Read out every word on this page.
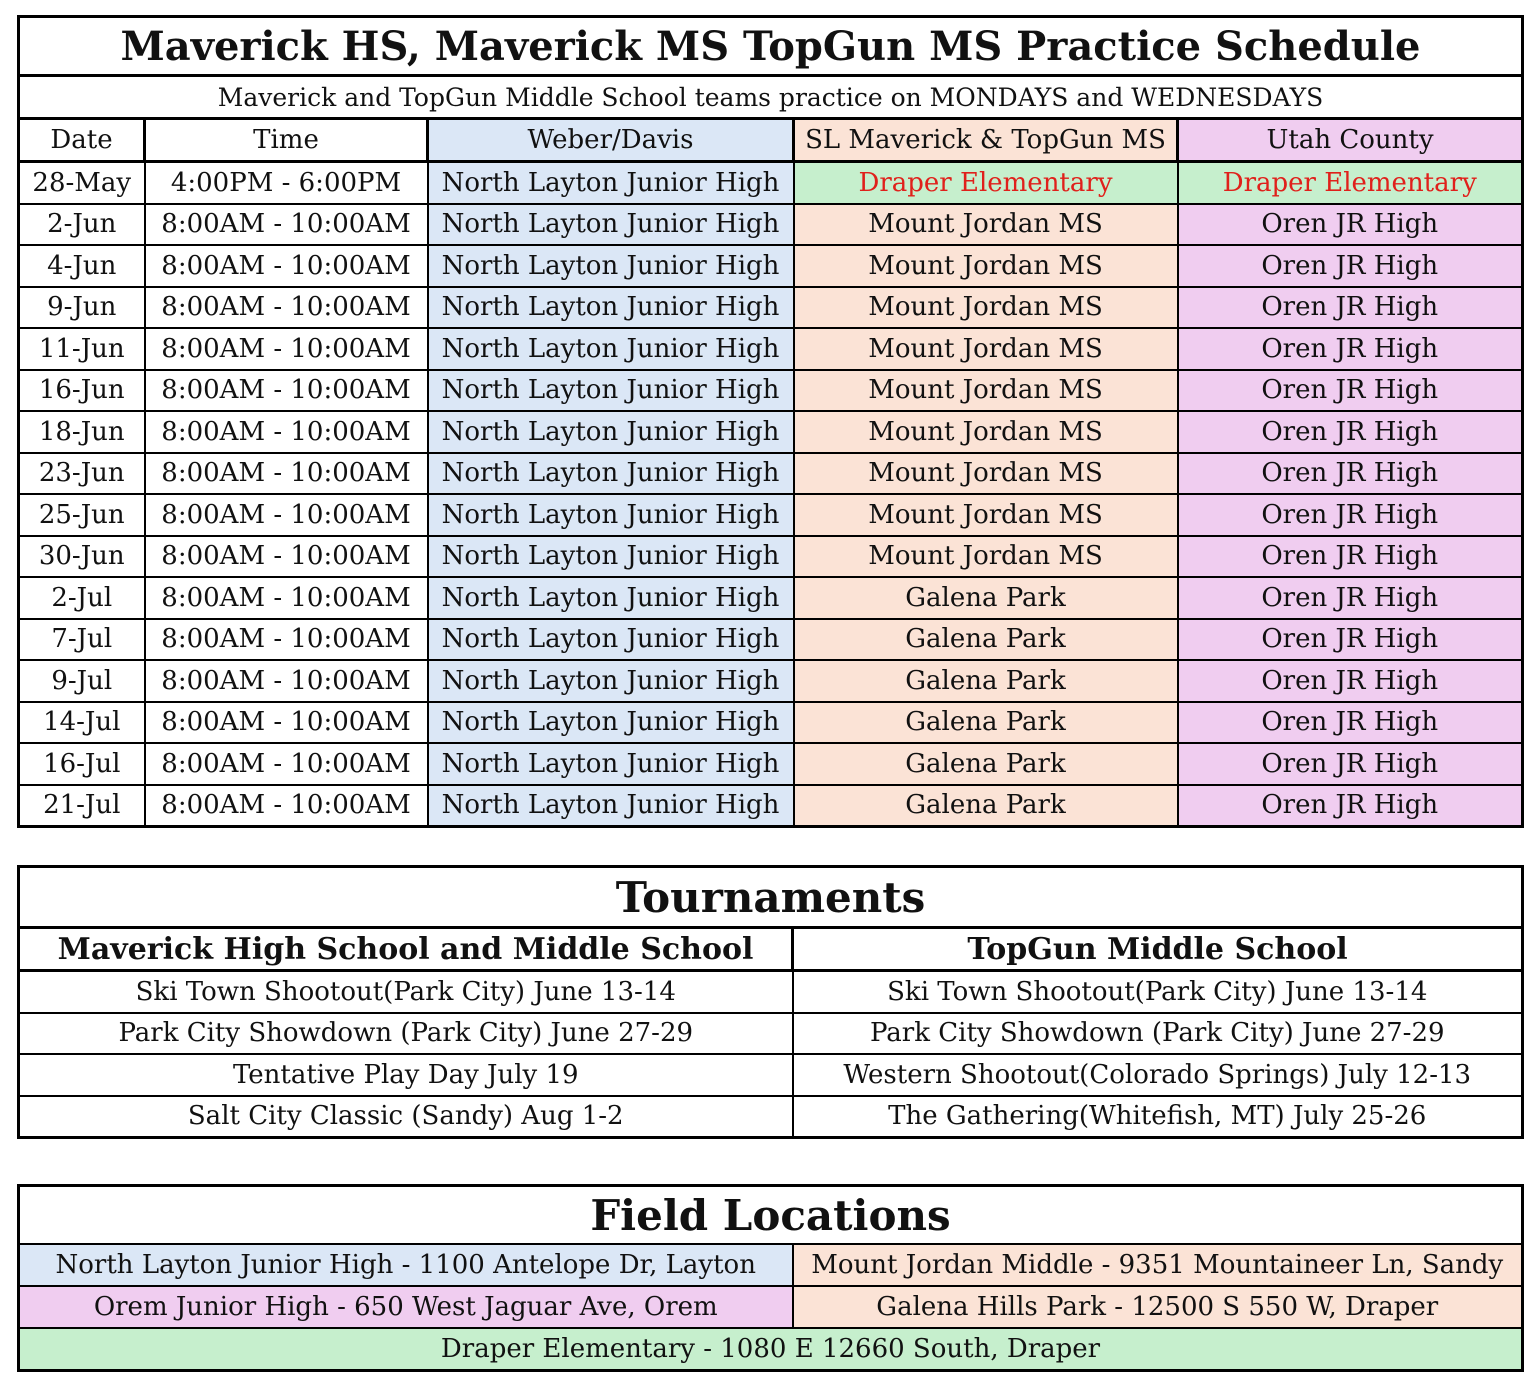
Maverick HS, Maverick MS TopGun MS Practice Schedule				
Maverick and TopGun Middle School teams practice on MONDAYS and WEDNESDAYS				
Date	Time	Weber/Davis	SL Maverick & TopGun MS	Utah County
28-May	4:00PM - 6:00PM	North Layton Junior High	Draper Elementary	Draper Elementary
2-Jun	8:00AM - 10:00AM	North Layton Junior High	Mount Jordan MS	Oren JR High
4-Jun	8:00AM - 10:00AM	North Layton Junior High	Mount Jordan MS	Oren JR High
9-Jun	8:00AM - 10:00AM	North Layton Junior High	Mount Jordan MS	Oren JR High
11-Jun	8:00AM - 10:00AM	North Layton Junior High	Mount Jordan MS	Oren JR High
16-Jun	8:00AM - 10:00AM	North Layton Junior High	Mount Jordan MS	Oren JR High
18-Jun	8:00AM - 10:00AM	North Layton Junior High	Mount Jordan MS	Oren JR High
23-Jun	8:00AM - 10:00AM	North Layton Junior High	Mount Jordan MS	Oren JR High
25-Jun	8:00AM - 10:00AM	North Layton Junior High	Mount Jordan MS	Oren JR High
30-Jun	8:00AM - 10:00AM	North Layton Junior High	Mount Jordan MS	Oren JR High
2-Jul	8:00AM - 10:00AM	North Layton Junior High	Galena Park	Oren JR High
7-Jul	8:00AM - 10:00AM	North Layton Junior High	Galena Park	Oren JR High
9-Jul	8:00AM - 10:00AM	North Layton Junior High	Galena Park	Oren JR High
14-Jul	8:00AM - 10:00AM	North Layton Junior High	Galena Park	Oren JR High
16-Jul	8:00AM - 10:00AM	North Layton Junior High	Galena Park	Oren JR High
21-Jul	8:00AM - 10:00AM	North Layton Junior High	Galena Park	Oren JR High
Tournaments	
Maverick High School and Middle School	TopGun Middle School
Ski Town Shootout(Park City) June 13-14	Ski Town Shootout(Park City) June 13-14
Park City Showdown (Park City) June 27-29	Park City Showdown (Park City) June 27-29
Tentative Play Day July 19	Western Shootout(Colorado Springs) July 12-13
Salt City Classic (Sandy) Aug 1-2	The Gathering(Whitefish, MT) July 25-26
Field Locations	
North Layton Junior High - 1100 Antelope Dr, Layton	Mount Jordan Middle - 9351 Mountaineer Ln, Sandy
Orem Junior High - 650 West Jaguar Ave, Orem	Galena Hills Park - 12500 S 550 W, Draper
Draper Elementary - 1080 E 12660 South, Draper	
